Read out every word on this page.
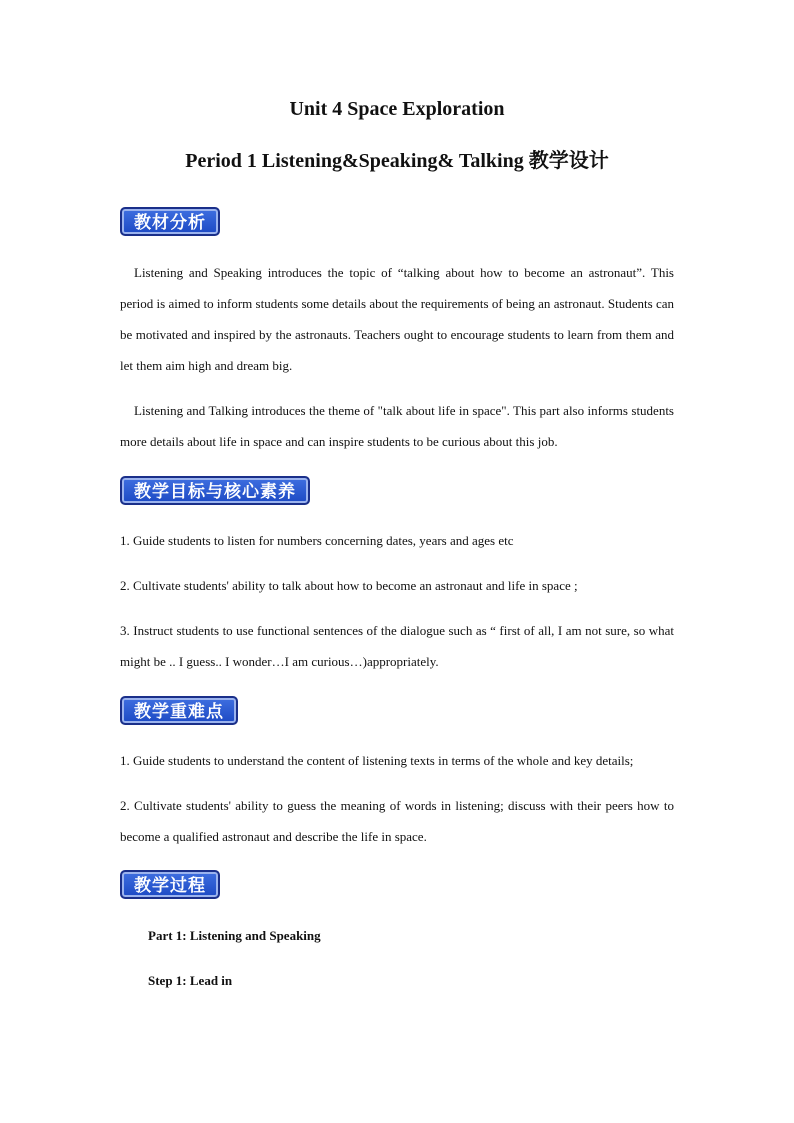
Unit 4 Space Exploration
Period 1 Listening&Speaking& Talking 教学设计
教材分析
Listening and Speaking introduces the topic of “talking about how to become an astronaut”. This period is aimed to inform students some details about the requirements of being an astronaut. Students can be motivated and inspired by the astronauts. Teachers ought to encourage students to learn from them and let them aim high and dream big.
Listening and Talking introduces the theme of "talk about life in space". This part also informs students more details about life in space and can inspire students to be curious about this job.
教学目标与核心素养
1. Guide students to listen for numbers concerning dates, years and ages etc
2. Cultivate students' ability to talk about how to become an astronaut and life in space ;
3. Instruct students to use functional sentences of the dialogue such as “ first of all, I am not sure, so what might be .. I guess.. I wonder…I am curious…)appropriately.
教学重难点
1. Guide students to understand the content of listening texts in terms of the whole and key details;
2. Cultivate students' ability to guess the meaning of words in listening; discuss with their peers how to become a qualified astronaut and describe the life in space.
教学过程
Part 1: Listening and Speaking
Step 1: Lead in
